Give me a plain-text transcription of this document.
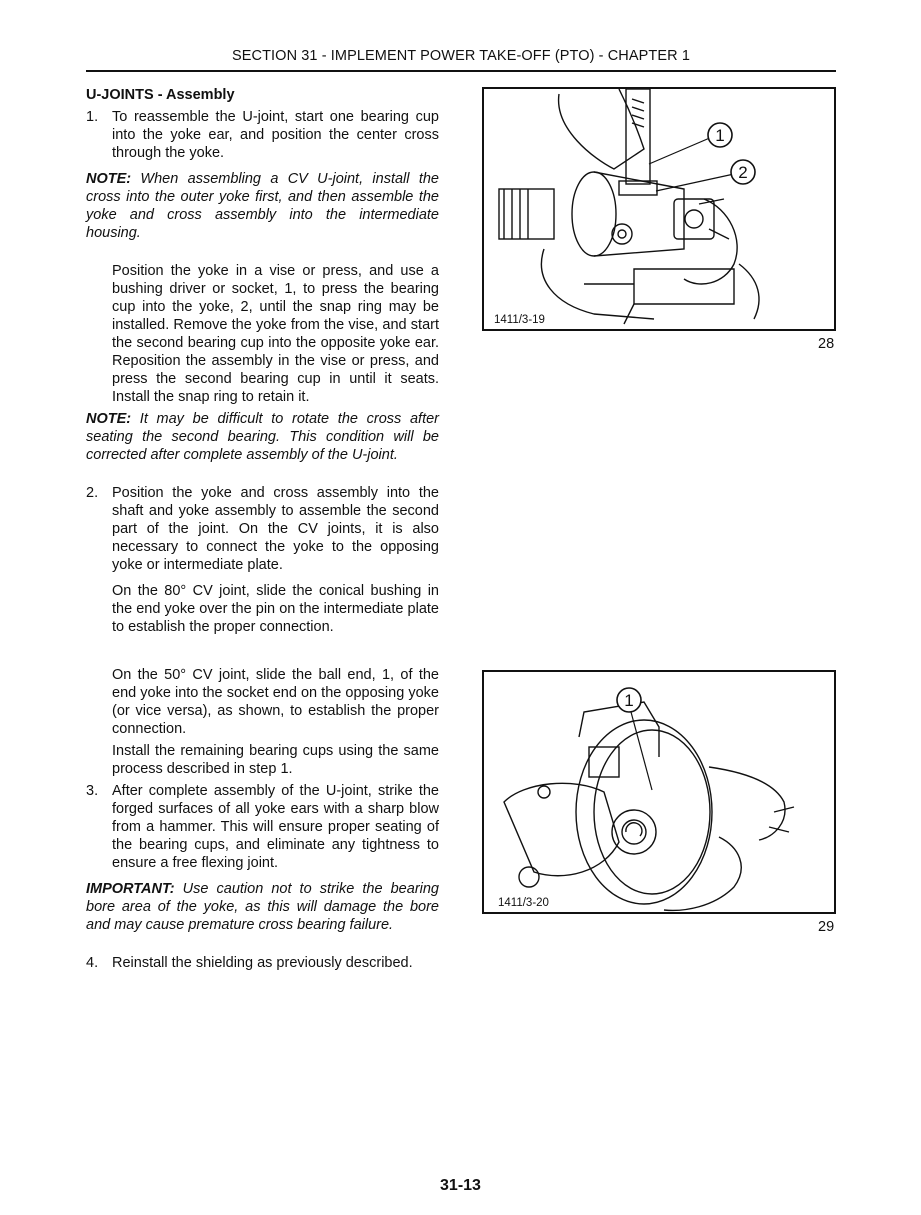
SECTION 31 - IMPLEMENT POWER TAKE-OFF (PTO) - CHAPTER 1
U-JOINTS - Assembly
1. To reassemble the U-joint, start one bearing cup into the yoke ear, and position the center cross through the yoke.
NOTE: When assembling a CV U-joint, install the cross into the outer yoke first, and then assemble the yoke and cross assembly into the intermediate housing.
Position the yoke in a vise or press, and use a bushing driver or socket, 1, to press the bearing cup into the yoke, 2, until the snap ring may be installed. Remove the yoke from the vise, and start the second bearing cup into the opposite yoke ear. Reposition the assembly in the vise or press, and press the second bearing cup in until it seats. Install the snap ring to retain it.
NOTE: It may be difficult to rotate the cross after seating the second bearing. This condition will be corrected after complete assembly of the U-joint.
2. Position the yoke and cross assembly into the shaft and yoke assembly to assemble the second part of the joint. On the CV joints, it is also necessary to connect the yoke to the opposing yoke or intermediate plate.
On the 80° CV joint, slide the conical bushing in the end yoke over the pin on the intermediate plate to establish the proper connection.
On the 50° CV joint, slide the ball end, 1, of the end yoke into the socket end on the opposing yoke (or vice versa), as shown, to establish the proper connection.
Install the remaining bearing cups using the same process described in step 1.
3. After complete assembly of the U-joint, strike the forged surfaces of all yoke ears with a sharp blow from a hammer. This will ensure proper seating of the bearing cups, and eliminate any tightness to ensure a free flexing joint.
IMPORTANT: Use caution not to strike the bearing bore area of the yoke, as this will damage the bore and may cause premature cross bearing failure.
4. Reinstall the shielding as previously described.
1
2
1411/3-19
28
1
1411/3-20
29
31-13
